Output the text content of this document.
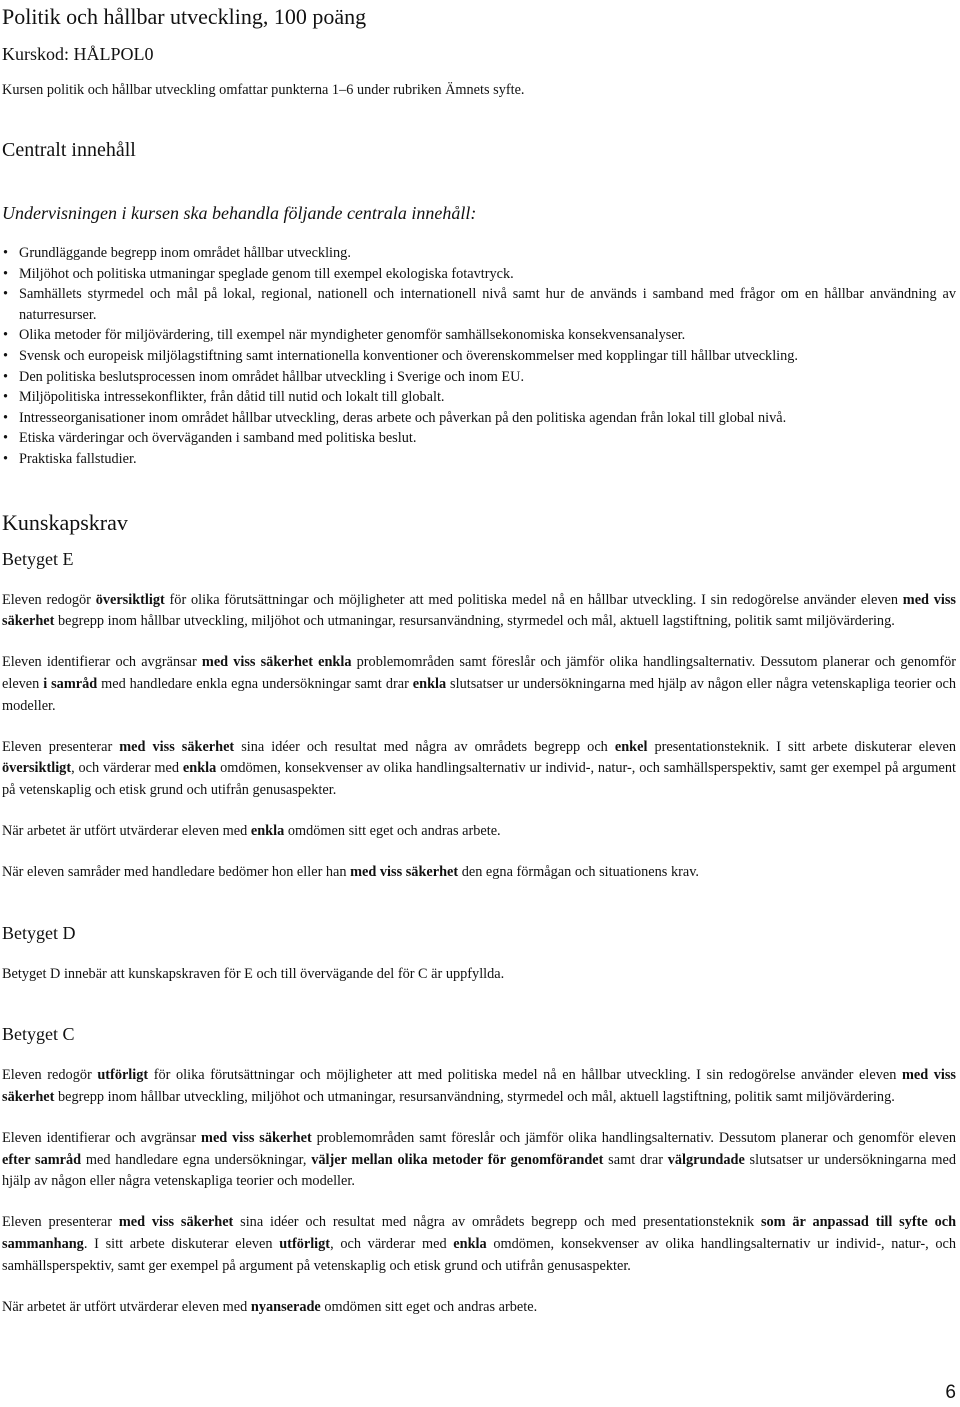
Politik och hållbar utveckling, 100 poäng
Kurskod: HÅLPOL0
Kursen politik och hållbar utveckling omfattar punkterna 1–6 under rubriken Ämnets syfte.
Centralt innehåll
Undervisningen i kursen ska behandla följande centrala innehåll:
• Grundläggande begrepp inom området hållbar utveckling.
• Miljöhot och politiska utmaningar speglade genom till exempel ekologiska fotavtryck.
• Samhällets styrmedel och mål på lokal, regional, nationell och internationell nivå samt hur de används i samband med frågor om en hållbar användning av naturresurser.
• Olika metoder för miljövärdering, till exempel när myndigheter genomför samhällsekonomiska konsekvensanalyser.
• Svensk och europeisk miljölagstiftning samt internationella konventioner och överenskommelser med kopplingar till hållbar utveckling.
• Den politiska beslutsprocessen inom området hållbar utveckling i Sverige och inom EU.
• Miljöpolitiska intressekonflikter, från dåtid till nutid och lokalt till globalt.
• Intresseorganisationer inom området hållbar utveckling, deras arbete och påverkan på den politiska agendan från lokal till global nivå.
• Etiska värderingar och överväganden i samband med politiska beslut.
• Praktiska fallstudier.
Kunskapskrav
Betyget E

Eleven redogör översiktligt för olika förutsättningar och möjligheter att med politiska medel nå en hållbar utveckling. I sin redogörelse använder eleven med viss säkerhet begrepp inom hållbar utveckling, miljöhot och utmaningar, resursanvändning, styrmedel och mål, aktuell lagstiftning, politik samt miljövärdering.

Eleven identifierar och avgränsar med viss säkerhet enkla problemområden samt föreslår och jämför olika handlingsalternativ. Dessutom planerar och genomför eleven i samråd med handledare enkla egna undersökningar samt drar enkla slutsatser ur undersökningarna med hjälp av någon eller några vetenskapliga teorier och modeller.

Eleven presenterar med viss säkerhet sina idéer och resultat med några av områdets begrepp och enkel presentationsteknik. I sitt arbete diskuterar eleven översiktligt, och värderar med enkla omdömen, konsekvenser av olika handlingsalternativ ur individ-, natur-, och samhällsperspektiv, samt ger exempel på argument på vetenskaplig och etisk grund och utifrån genusaspekter.

När arbetet är utfört utvärderar eleven med enkla omdömen sitt eget och andras arbete.

När eleven samråder med handledare bedömer hon eller han med viss säkerhet den egna förmågan och situationens krav.

Betyget D

Betyget D innebär att kunskapskraven för E och till övervägande del för C är uppfyllda.

Betyget C

Eleven redogör utförligt för olika förutsättningar och möjligheter att med politiska medel nå en hållbar utveckling. I sin redogörelse använder eleven med viss säkerhet begrepp inom hållbar utveckling, miljöhot och utmaningar, resursanvändning, styrmedel och mål, aktuell lagstiftning, politik samt miljövärdering.

Eleven identifierar och avgränsar med viss säkerhet problemområden samt föreslår och jämför olika handlingsalternativ. Dessutom planerar och genomför eleven efter samråd med handledare egna undersökningar, väljer mellan olika metoder för genomförandet samt drar välgrundade slutsatser ur undersökningarna med hjälp av någon eller några vetenskapliga teorier och modeller.

Eleven presenterar med viss säkerhet sina idéer och resultat med några av områdets begrepp och med presentationsteknik som är anpassad till syfte och sammanhang. I sitt arbete diskuterar eleven utförligt, och värderar med enkla omdömen, konsekvenser av olika handlingsalternativ ur individ-, natur-, och samhällsperspektiv, samt ger exempel på argument på vetenskaplig och etisk grund och utifrån genusaspekter.

När arbetet är utfört utvärderar eleven med nyanserade omdömen sitt eget och andras arbete.

6
